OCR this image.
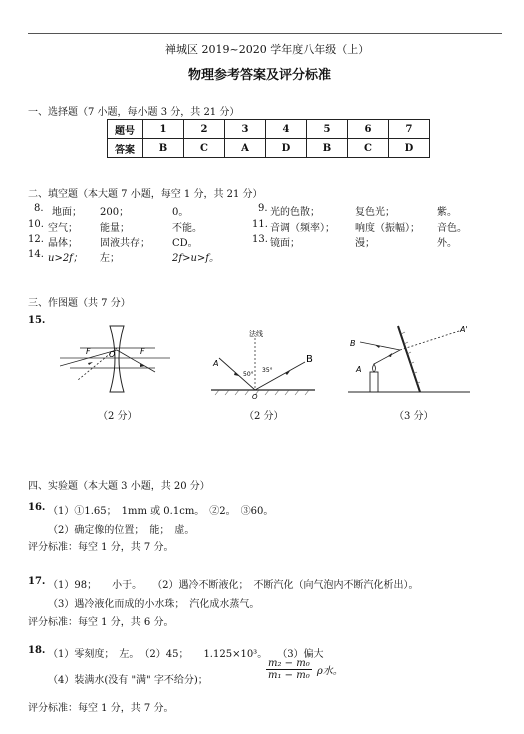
禅城区 2019~2020 学年度八年级（上）
物理参考答案及评分标准
一、选择题（7 小题，每小题 3 分，共 21 分）
题号	1	2	3	4	5	6	7
答案	B	C	A	D	B	C	D
二、填空题（本大题 7 小题，每空 1 分，共 21 分）
8. 地面； 200；	0。	9. 光的色散；	复色光；	紫。
10. 空气； 能量；	不能。	11. 音调（频率）； 响度（振幅）； 音色。
12. 晶体； 固液共存； CD。	13. 镜面；	漫；	外。
14. u>2f； 左；	2f>u>f。
三、作图题（共 7 分）
15.
F O	F
（2 分）
法线
50°
35°
A	B
O
（2 分）
B
A
A'
（3 分）
四、实验题（本大题 3 小题，共 20 分）
16. （1）①1.65；　1mm 或 0.1cm。　②2。　③60。
（2）确定像的位置；　能；　虚。
评分标准：每空 1 分，共 7 分。
17. （1）98；　　小于。　　（2）遇冷不断液化；　不断汽化（向气泡内不断汽化析出）。
（3）遇冷液化而成的小水珠；　汽化成水蒸气。
评分标准：每空 1 分，共 6 分。
18. （1）零刻度；　左。　（2）45；　　1.125×10³。　　（3）偏大
（4）装满水(没有 "满" 字不给分)；	$\frac{\text{m₂ − m₀}}{\text{m₁ − m₀}}$ ρ水。
评分标准：每空 1 分，共 7 分。
